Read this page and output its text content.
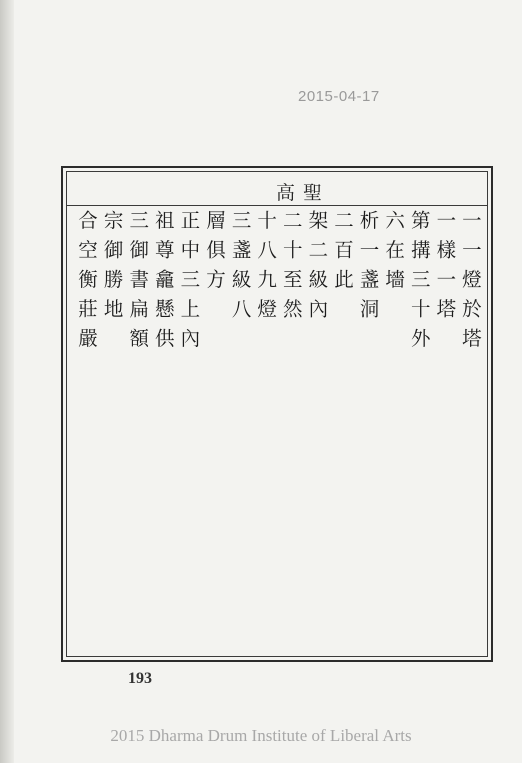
2015-04-17
高聖
一一燈於塔
一樣一塔
第搆三十外
六在墻
析一盞洞
二百此
架二級內
二十至然
十八九燈
三盞級八
層俱方
正中三上內
祖尊龕懸供
三御書扁額
宗御勝地
合空衡莊嚴
193
2015 Dharma Drum Institute of Liberal Arts
